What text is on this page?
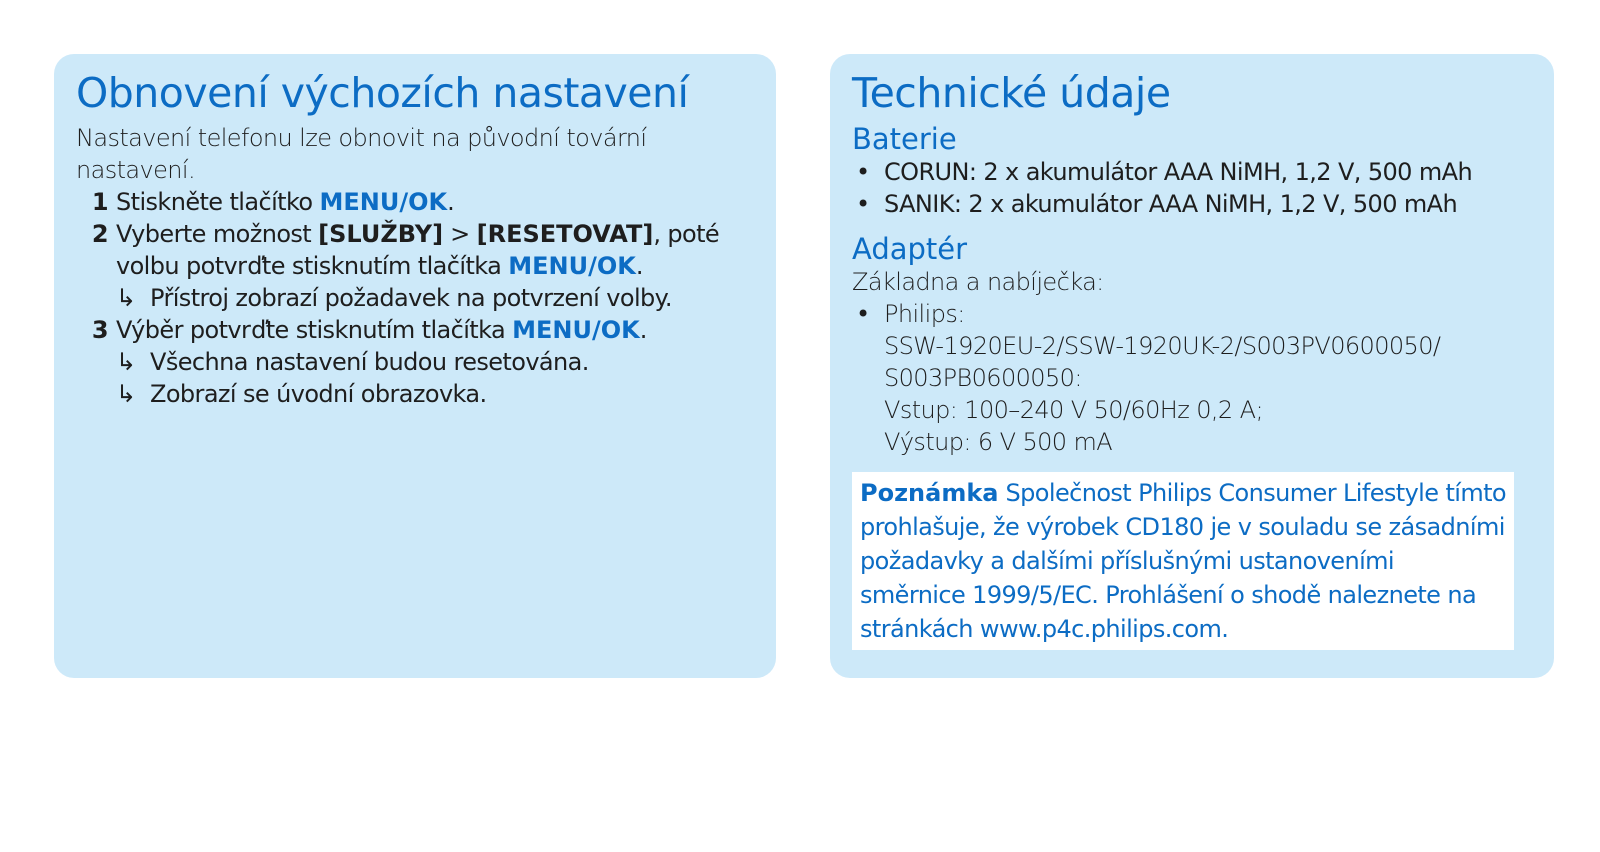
Obnovení výchozích nastavení

Nastavení telefonu lze obnovit na původní tovární nastavení.

1 Stiskněte tlačítko MENU/OK.
2 Vyberte možnost [SLUŽBY] > [RESETOVAT], poté volbu potvrďte stisknutím tlačítka MENU/OK.
↳ Přístroj zobrazí požadavek na potvrzení volby.
3 Výběr potvrďte stisknutím tlačítka MENU/OK.
↳ Všechna nastavení budou resetována.
↳ Zobrazí se úvodní obrazovka.
Technické údaje
Baterie
• CORUN: 2 x akumulátor AAA NiMH, 1,2 V, 500 mAh
• SANIK: 2 x akumulátor AAA NiMH, 1,2 V, 500 mAh
Adaptér

Základna a nabíječka:

• Philips:
SSW-1920EU-2/SSW-1920UK-2/S003PV0600050/
S003PB0600050:
Vstup: 100–240 V 50/60Hz 0,2 A;
Výstup: 6 V 500 mA
Poznámka Společnost Philips Consumer Lifestyle tímto prohlašuje, že výrobek CD180 je v souladu se zásadními požadavky a dalšími příslušnými ustanoveními směrnice 1999/5/EC. Prohlášení o shodě naleznete na stránkách www.p4c.philips.com.
